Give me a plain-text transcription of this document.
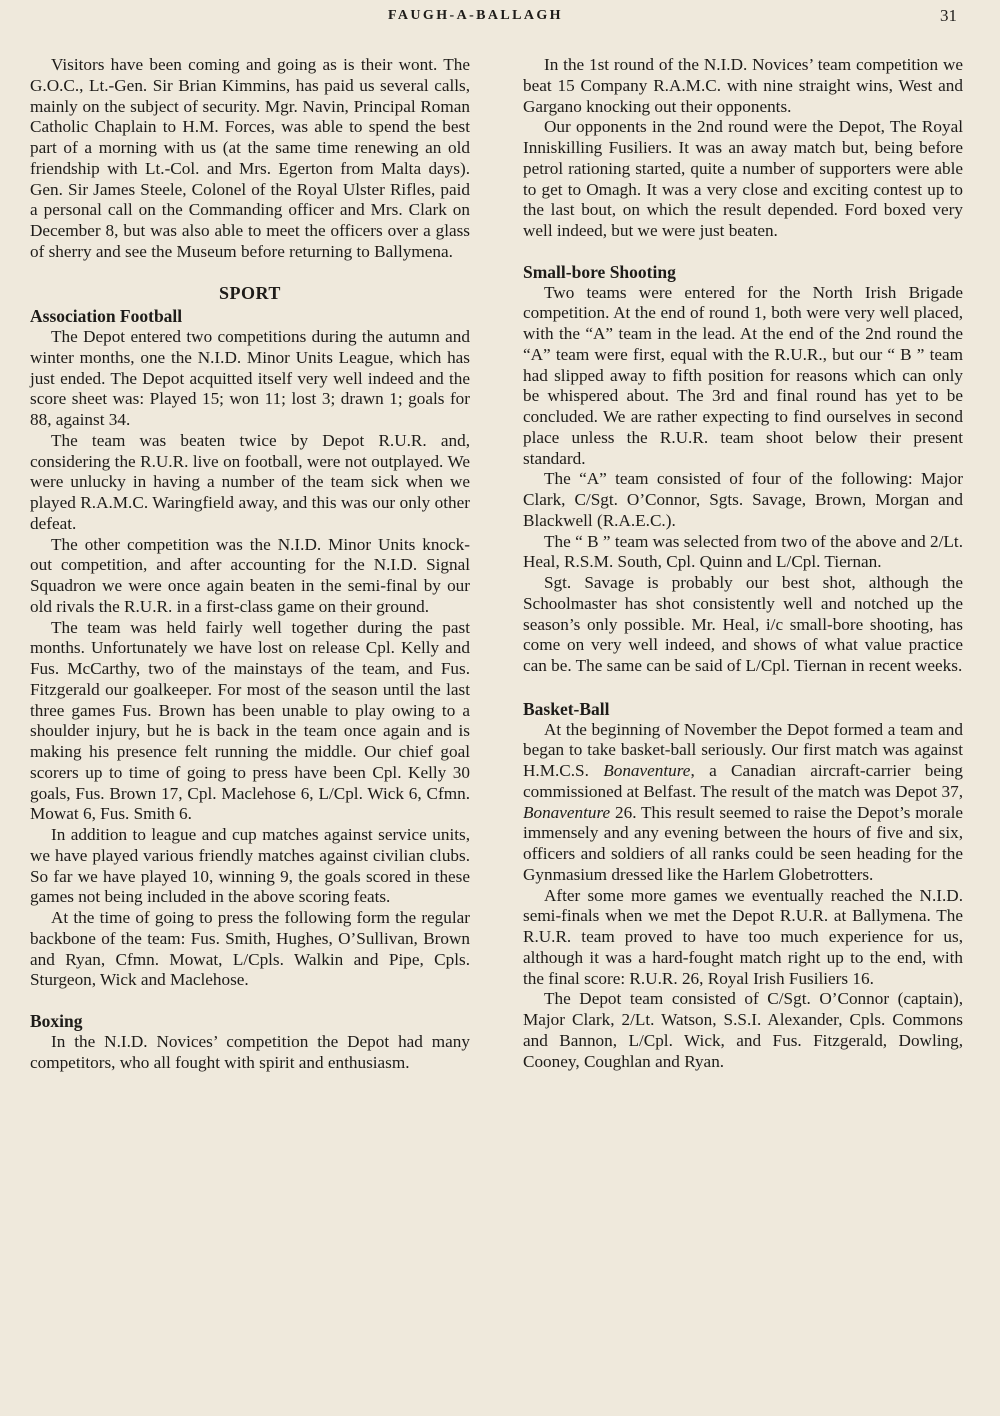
FAUGH-A-BALLAGH	31

Visitors have been coming and going as is their wont. The G.O.C., Lt.-Gen. Sir Brian Kimmins, has paid us several calls, mainly on the subject of security. Mgr. Navin, Principal Roman Catholic Chaplain to H.M. Forces, was able to spend the best part of a morning with us (at the same time renewing an old friendship with Lt.-Col. and Mrs. Egerton from Malta days). Gen. Sir James Steele, Colonel of the Royal Ulster Rifles, paid a personal call on the Commanding officer and Mrs. Clark on December 8, but was also able to meet the officers over a glass of sherry and see the Museum before returning to Ballymena.

SPORT
Association Football

The Depot entered two competitions during the autumn and winter months, one the N.I.D. Minor Units League, which has just ended. The Depot acquitted itself very well indeed and the score sheet was: Played 15; won 11; lost 3; drawn 1; goals for 88, against 34.

The team was beaten twice by Depot R.U.R. and, considering the R.U.R. live on football, were not outplayed. We were unlucky in having a number of the team sick when we played R.A.M.C. Waringfield away, and this was our only other defeat.

The other competition was the N.I.D. Minor Units knock-out competition, and after accounting for the N.I.D. Signal Squadron we were once again beaten in the semi-final by our old rivals the R.U.R. in a first-class game on their ground.

The team was held fairly well together during the past months. Unfortunately we have lost on release Cpl. Kelly and Fus. McCarthy, two of the mainstays of the team, and Fus. Fitzgerald our goalkeeper. For most of the season until the last three games Fus. Brown has been unable to play owing to a shoulder injury, but he is back in the team once again and is making his presence felt running the middle. Our chief goal scorers up to time of going to press have been Cpl. Kelly 30 goals, Fus. Brown 17, Cpl. Maclehose 6, L/Cpl. Wick 6, Cfmn. Mowat 6, Fus. Smith 6.

In addition to league and cup matches against service units, we have played various friendly matches against civilian clubs. So far we have played 10, winning 9, the goals scored in these games not being included in the above scoring feats.

At the time of going to press the following form the regular backbone of the team: Fus. Smith, Hughes, O’Sullivan, Brown and Ryan, Cfmn. Mowat, L/Cpls. Walkin and Pipe, Cpls. Sturgeon, Wick and Maclehose.

Boxing

In the N.I.D. Novices’ competition the Depot had many competitors, who all fought with spirit and enthusiasm.

In the 1st round of the N.I.D. Novices’ team competition we beat 15 Company R.A.M.C. with nine straight wins, West and Gargano knocking out their opponents.

Our opponents in the 2nd round were the Depot, The Royal Inniskilling Fusiliers. It was an away match but, being before petrol rationing started, quite a number of supporters were able to get to Omagh. It was a very close and exciting contest up to the last bout, on which the result depended. Ford boxed very well indeed, but we were just beaten.

Small-bore Shooting

Two teams were entered for the North Irish Brigade competition. At the end of round 1, both were very well placed, with the “A” team in the lead. At the end of the 2nd round the “A” team were first, equal with the R.U.R., but our “ B ” team had slipped away to fifth position for reasons which can only be whispered about. The 3rd and final round has yet to be concluded. We are rather expecting to find ourselves in second place unless the R.U.R. team shoot below their present standard.

The “A” team consisted of four of the following: Major Clark, C/Sgt. O’Connor, Sgts. Savage, Brown, Morgan and Blackwell (R.A.E.C.).

The “ B ” team was selected from two of the above and 2/Lt. Heal, R.S.M. South, Cpl. Quinn and L/Cpl. Tiernan.

Sgt. Savage is probably our best shot, although the Schoolmaster has shot consistently well and notched up the season’s only possible. Mr. Heal, i/c small-bore shooting, has come on very well indeed, and shows of what value practice can be. The same can be said of L/Cpl. Tiernan in recent weeks.

Basket-Ball

At the beginning of November the Depot formed a team and began to take basket-ball seriously. Our first match was against H.M.C.S. Bonaventure, a Canadian aircraft-carrier being commissioned at Belfast. The result of the match was Depot 37, Bonaventure 26. This result seemed to raise the Depot’s morale immensely and any evening between the hours of five and six, officers and soldiers of all ranks could be seen heading for the Gynmasium dressed like the Harlem Globetrotters.

After some more games we eventually reached the N.I.D. semi-finals when we met the Depot R.U.R. at Ballymena. The R.U.R. team proved to have too much experience for us, although it was a hard-fought match right up to the end, with the final score: R.U.R. 26, Royal Irish Fusiliers 16.

The Depot team consisted of C/Sgt. O’Connor (captain), Major Clark, 2/Lt. Watson, S.S.I. Alexander, Cpls. Commons and Bannon, L/Cpl. Wick, and Fus. Fitzgerald, Dowling, Cooney, Coughlan and Ryan.
